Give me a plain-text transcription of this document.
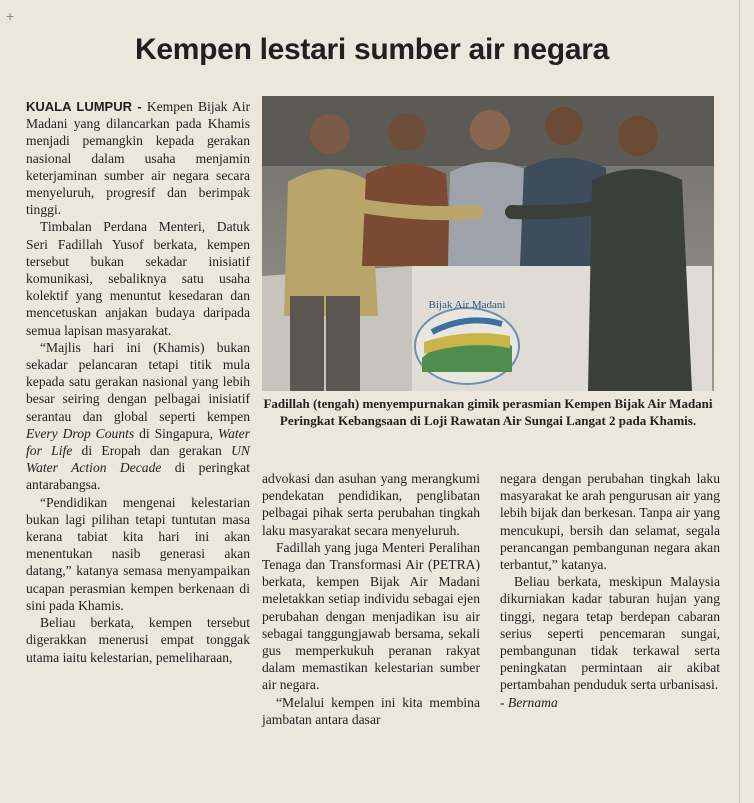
+
Kempen lestari sumber air negara

KUALA LUMPUR - Kempen Bijak Air Madani yang dilancarkan pada Khamis menjadi pemangkin kepada gerakan nasional dalam usaha menjamin keterjaminan sumber air negara secara menyeluruh, progresif dan berimpak tinggi.

Timbalan Perdana Menteri, Datuk Seri Fadillah Yusof berkata, kempen tersebut bukan sekadar inisiatif komunikasi, sebaliknya satu usaha kolektif yang menuntut kesedaran dan mencetuskan anjakan budaya daripada semua lapisan masyarakat.

“Majlis hari ini (Khamis) bukan sekadar pelancaran tetapi titik mula kepada satu gerakan nasional yang lebih besar seiring dengan pelbagai inisiatif serantau dan global seperti kempen Every Drop Counts di Singapura, Water for Life di Eropah dan gerakan UN Water Action Decade di peringkat antarabangsa.

“Pendidikan mengenai kelestarian bukan lagi pilihan tetapi tuntutan masa kerana tabiat kita hari ini akan menentukan nasib generasi akan datang,” katanya semasa menyampaikan ucapan perasmian kempen berkenaan di sini pada Khamis.

Beliau berkata, kempen tersebut digerakkan menerusi empat tonggak utama iaitu kelestarian, pemeliharaan,

Bijak Air Madani
Fadillah (tengah) menyempurnakan gimik perasmian Kempen Bijak Air Madani Peringkat Kebangsaan di Loji Rawatan Air Sungai Langat 2 pada Khamis.

advokasi dan asuhan yang merangkumi pendekatan pendidikan, penglibatan pelbagai pihak serta perubahan tingkah laku masyarakat secara menyeluruh.

Fadillah yang juga Menteri Peralihan Tenaga dan Transformasi Air (PETRA) berkata, kempen Bijak Air Madani meletakkan setiap individu sebagai ejen perubahan dengan menjadikan isu air sebagai tanggungjawab bersama, sekali gus memperkukuh peranan rakyat dalam memastikan kelestarian sumber air negara.

“Melalui kempen ini kita membina jambatan antara dasar

negara dengan perubahan tingkah laku masyarakat ke arah pengurusan air yang lebih bijak dan berkesan. Tanpa air yang mencukupi, bersih dan selamat, segala perancangan pembangunan negara akan terbantut,” katanya.

Beliau berkata, meskipun Malaysia dikurniakan kadar taburan hujan yang tinggi, negara tetap berdepan cabaran serius seperti pencemaran sungai, pembangunan tidak terkawal serta peningkatan permintaan air akibat pertambahan penduduk serta urbanisasi.

- Bernama
